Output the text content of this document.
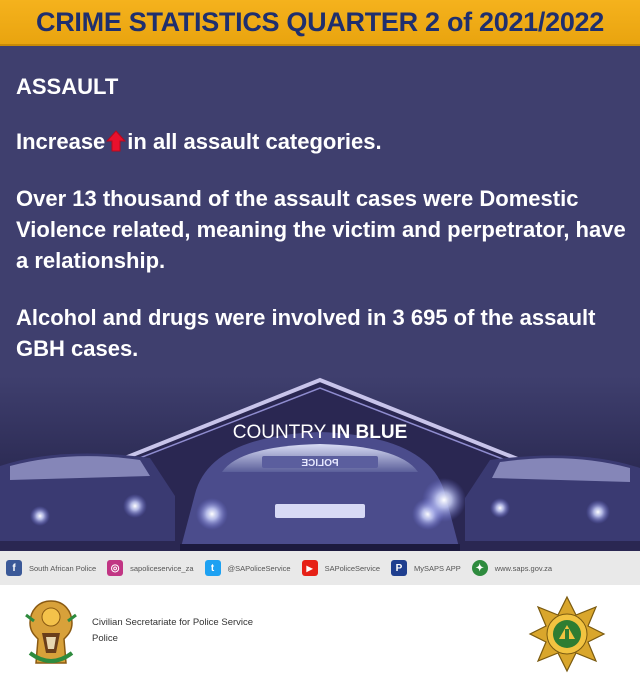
CRIME STATISTICS QUARTER 2 of 2021/2022
ASSAULT
Increase in all assault categories.
Over 13 thousand of the assault cases were Domestic Violence related, meaning the victim and perpetrator, have a relationship.
Alcohol and drugs were involved in 3 695 of the assault GBH cases.
POLICE
COUNTRY IN BLUE
f	South African Police	◎	sapoliceservice_za	t	@SAPoliceService	▶	SAPoliceService	P	MySAPS APP	✦	www.saps.gov.za
Civilian Secretariate for Police Service
Police
